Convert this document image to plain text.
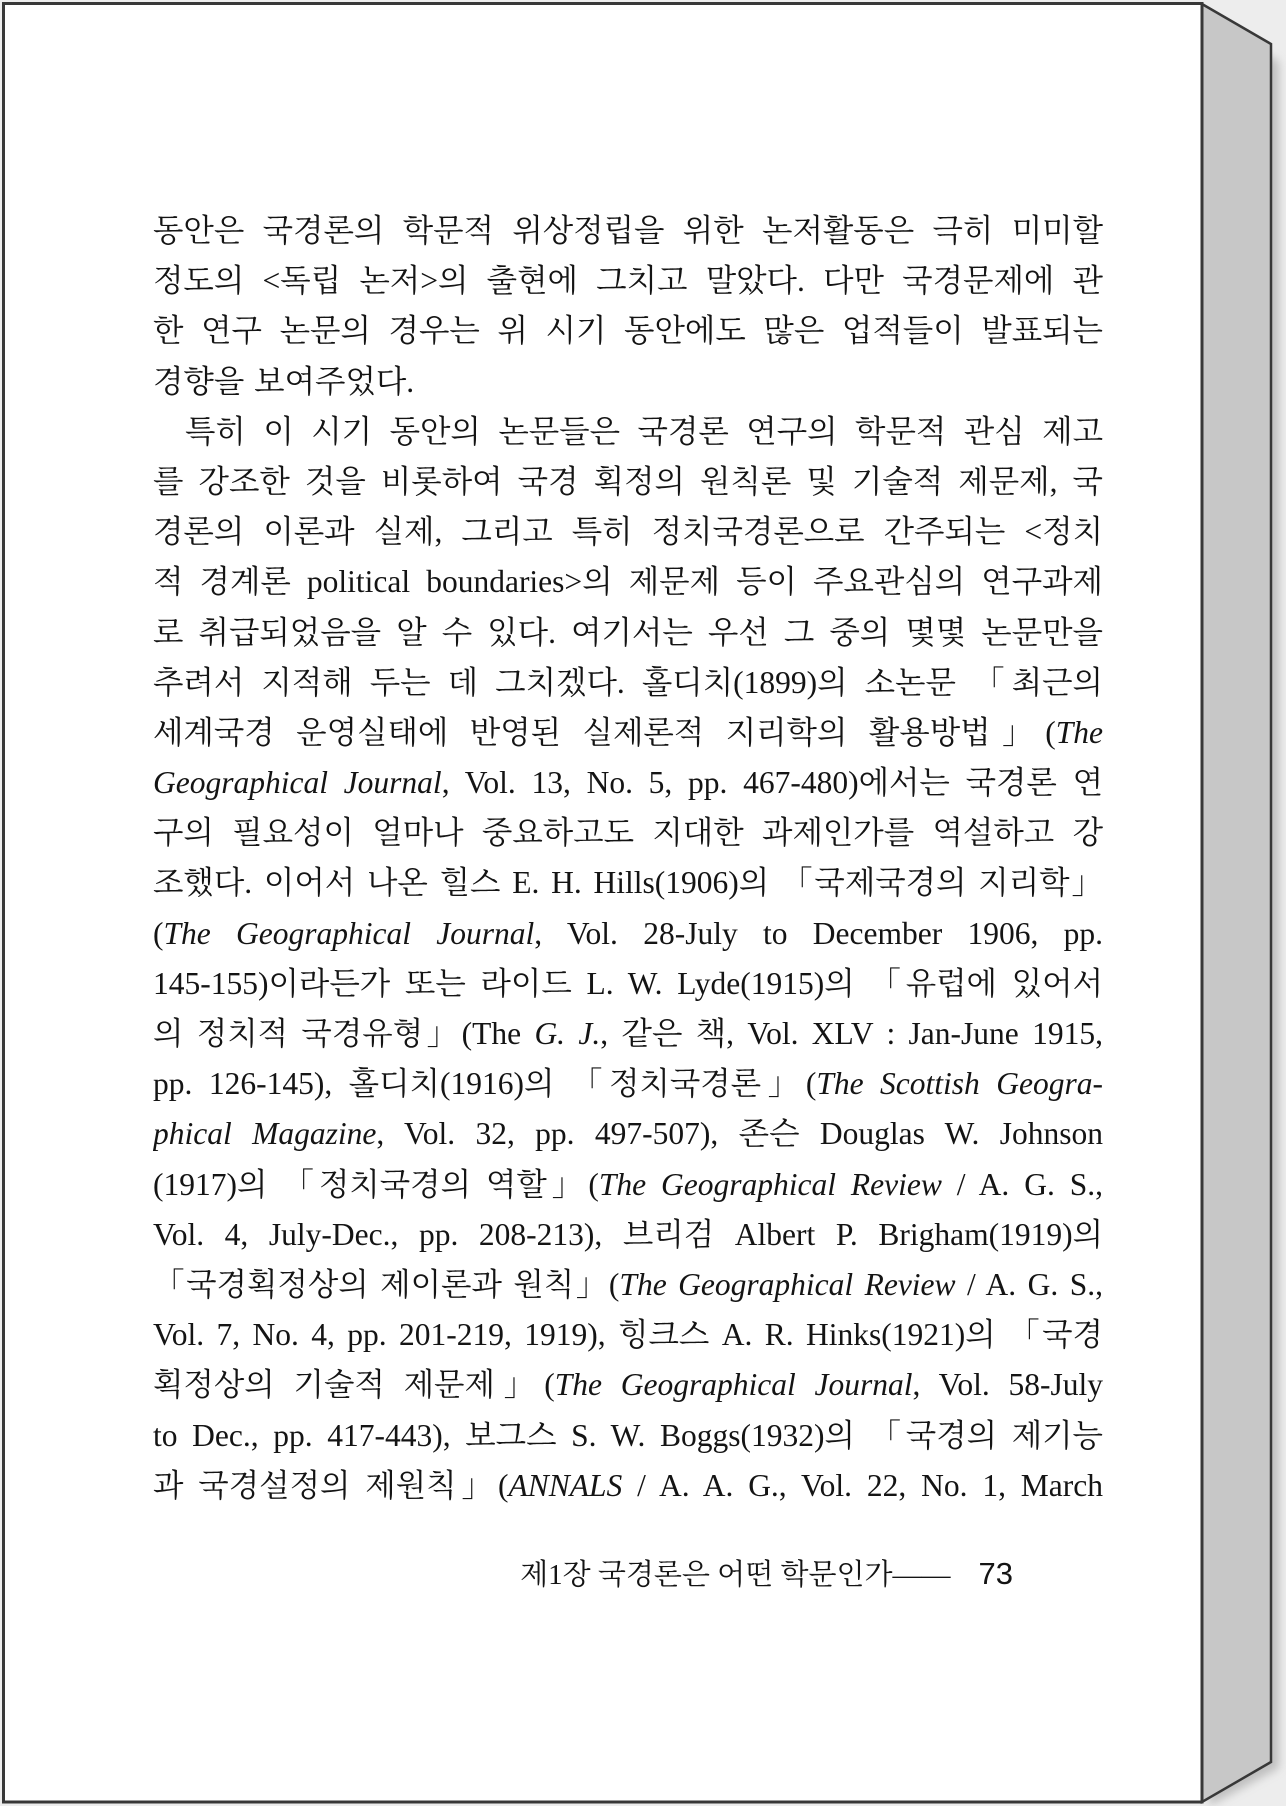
동안은 국경론의 학문적 위상정립을 위한 논저활동은 극히 미미할
정도의 <독립 논저>의 출현에 그치고 말았다. 다만 국경문제에 관
한 연구 논문의 경우는 위 시기 동안에도 많은 업적들이 발표되는
경향을 보여주었다.
특히 이 시기 동안의 논문들은 국경론 연구의 학문적 관심 제고
를 강조한 것을 비롯하여 국경 획정의 원칙론 및 기술적 제문제, 국
경론의 이론과 실제, 그리고 특히 정치국경론으로 간주되는 <정치
적 경계론 political boundaries>의 제문제 등이 주요관심의 연구과제
로 취급되었음을 알 수 있다. 여기서는 우선 그 중의 몇몇 논문만을
추려서 지적해 두는 데 그치겠다. 홀디치(1899)의 소논문 「최근의
세계국경 운영실태에 반영된 실제론적 지리학의 활용방법」(The
Geographical Journal, Vol. 13, No. 5, pp. 467-480)에서는 국경론 연
구의 필요성이 얼마나 중요하고도 지대한 과제인가를 역설하고 강
조했다. 이어서 나온 힐스 E. H. Hills(1906)의 「국제국경의 지리학」
(The Geographical Journal, Vol. 28-July to December 1906, pp.
145-155)이라든가 또는 라이드 L. W. Lyde(1915)의 「유럽에 있어서
의 정치적 국경유형」(The G. J., 같은 책, Vol. XLV : Jan-June 1915,
pp. 126-145), 홀디치(1916)의 「정치국경론」(The Scottish Geogra-
phical Magazine, Vol. 32, pp. 497-507), 존슨 Douglas W. Johnson
(1917)의 「정치국경의 역할」(The Geographical Review / A. G. S.,
Vol. 4, July-Dec., pp. 208-213), 브리검 Albert P. Brigham(1919)의
「국경획정상의 제이론과 원칙」(The Geographical Review / A. G. S.,
Vol. 7, No. 4, pp. 201-219, 1919), 힝크스 A. R. Hinks(1921)의 「국경
획정상의 기술적 제문제」(The Geographical Journal, Vol. 58-July
to Dec., pp. 417-443), 보그스 S. W. Boggs(1932)의 「국경의 제기능
과 국경설정의 제원칙」(ANNALS / A. A. G., Vol. 22, No. 1, March
제1장 국경론은 어떤 학문인가—— 73
